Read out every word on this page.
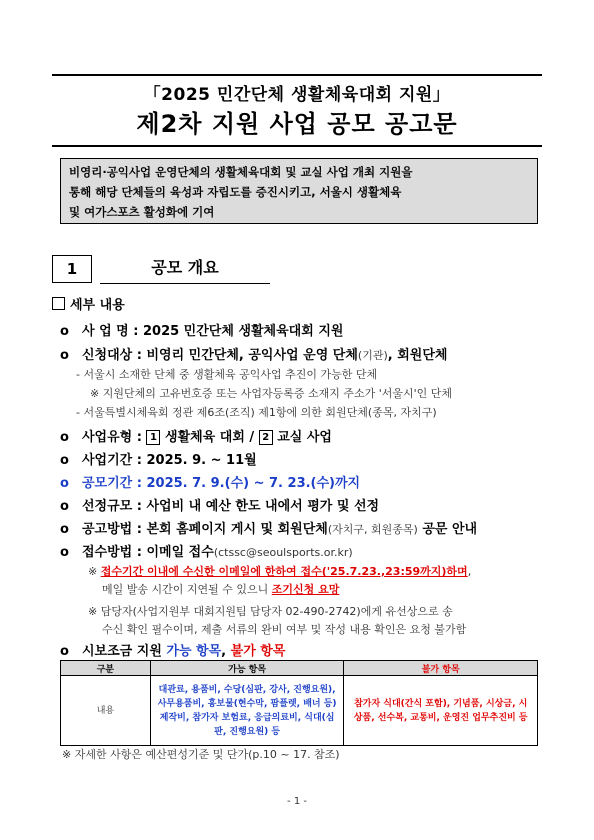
「2025 민간단체 생활체육대회 지원」
제2차 지원 사업 공모 공고문
비영리·공익사업 운영단체의 생활체육대회 및 교실 사업 개최 지원을
통해 해당 단체들의 육성과 자립도를 증진시키고, 서울시 생활체육
및 여가스포츠 활성화에 기여
1	공모 개요
세부 내용
o 사 업 명 : 2025 민간단체 생활체육대회 지원
o 신청대상 : 비영리 민간단체, 공익사업 운영 단체(기관), 회원단체
- 서울시 소재한 단체 중 생활체육 공익사업 추진이 가능한 단체
※ 지원단체의 고유번호증 또는 사업자등록증 소재지 주소가 '서울시'인 단체
- 서울특별시체육회 정관 제6조(조직) 제1항에 의한 회원단체(종목, 자치구)
o 사업유형 : 1 생활체육 대회 / 2 교실 사업
o 사업기간 : 2025. 9. ~ 11월
o 공모기간 : 2025. 7. 9.(수) ~ 7. 23.(수)까지
o 선정규모 : 사업비 내 예산 한도 내에서 평가 및 선정
o 공고방법 : 본회 홈페이지 게시 및 회원단체(자치구, 회원종목) 공문 안내
o 접수방법 : 이메일 접수(ctssc@seoulsports.or.kr)
※ 접수기간 이내에 수신한 이메일에 한하여 접수('25.7.23.,23:59까지)하며,
메일 발송 시간이 지연될 수 있으니 조기신청 요망
※ 담당자(사업지원부 대회지원팀 담당자 02-490-2742)에게 유선상으로 송
수신 확인 필수이며, 제출 서류의 완비 여부 및 작성 내용 확인은 요청 불가함
o 시보조금 지원 가능 항목, 불가 항목
구분	가능 항목	불가 항목
내용	대관료, 용품비, 수당(심판, 강사, 진행요원), 사무용품비, 홍보물(현수막, 팜플렛, 배너 등) 제작비, 참가자 보험료, 응급의료비, 식대(심판, 진행요원) 등	참가자 식대(간식 포함), 기념품, 시상금, 시상품, 선수복, 교통비, 운영진 업무추진비 등
※ 자세한 사항은 예산편성기준 및 단가(p.10 ~ 17. 참조)
- 1 -
